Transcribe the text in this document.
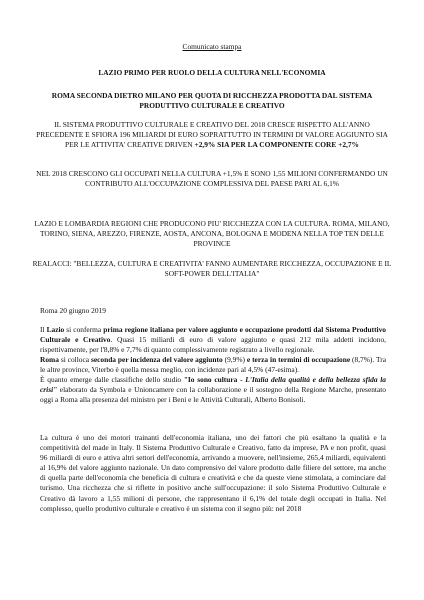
Comunicato stampa
LAZIO PRIMO PER RUOLO DELLA CULTURA NELL'ECONOMIA
ROMA SECONDA DIETRO MILANO PER QUOTA DI RICCHEZZA PRODOTTA DAL SISTEMA PRODUTTIVO CULTURALE E CREATIVO
IL SISTEMA PRODUTTIVO CULTURALE E CREATIVO DEL 2018 CRESCE RISPETTO ALL'ANNO PRECEDENTE E SFIORA 196 MILIARDI DI EURO SOPRATTUTTO IN TERMINI DI VALORE AGGIUNTO SIA PER LE ATTIVITA' CREATIVE DRIVEN +2,9% SIA PER LA COMPONENTE CORE +2,7%
NEL 2018 CRESCONO GLI OCCUPATI NELLA CULTURA +1,5% E SONO 1,55 MILIONI CONFERMANDO UN CONTRIBUTO ALL'OCCUPAZIONE COMPLESSIVA DEL PAESE PARI AL 6,1%
LAZIO E LOMBARDIA REGIONI CHE PRODUCONO PIU' RICCHEZZA CON LA CULTURA. ROMA, MILANO, TORINO, SIENA, AREZZO, FIRENZE, AOSTA, ANCONA, BOLOGNA E MODENA NELLA TOP TEN DELLE PROVINCE
REALACCI: "BELLEZZA, CULTURA E CREATIVITA' FANNO AUMENTARE RICCHEZZA, OCCUPAZIONE E IL SOFT-POWER DELL'ITALIA"
Roma 20 giugno 2019
Il Lazio si conferma prima regione italiana per valore aggiunto e occupazione prodotti dal Sistema Produttivo Culturale e Creativo. Quasi 15 miliardi di euro di valore aggiunto e quasi 212 mila addetti incidono, rispettivamente, per l'8,8% e 7,7% di quanto complessivamente registrato a livello regionale.
Roma si colloca seconda per incidenza del valore aggiunto (9,9%) e terza in termini di occupazione (8,7%). Tra le altre province, Viterbo è quella messa meglio, con incidenze pari al 4,5% (47-esima).
È quanto emerge dalle classifiche dello studio "Io sono cultura - L'Italia della qualità e della bellezza sfida la crisi" elaborato da Symbola e Unioncamere con la collaborazione e il sostegno della Regione Marche, presentato oggi a Roma alla presenza del ministro per i Beni e le Attività Culturali, Alberto Bonisoli.
La cultura è uno dei motori trainanti dell'economia italiana, uno dei fattori che più esaltano la qualità e la competitività del made in Italy. Il Sistema Produttivo Culturale e Creativo, fatto da imprese, PA e non profit, quasi 96 miliardi di euro e attiva altri settori dell'economia, arrivando a muovere, nell'insieme, 265,4 miliardi, equivalenti al 16,9% del valore aggiunto nazionale. Un dato comprensivo del valore prodotto dalle filiere del settore, ma anche di quella parte dell'economia che beneficia di cultura e creatività e che da queste viene stimolata, a cominciare dal turismo. Una ricchezza che si riflette in positivo anche sull'occupazione: il solo Sistema Produttivo Culturale e Creativo dà lavoro a 1,55 milioni di persone, che rappresentano il 6,1% del totale degli occupati in Italia. Nel complesso, quello produttivo culturale e creativo è un sistema con il segno più: nel 2018
